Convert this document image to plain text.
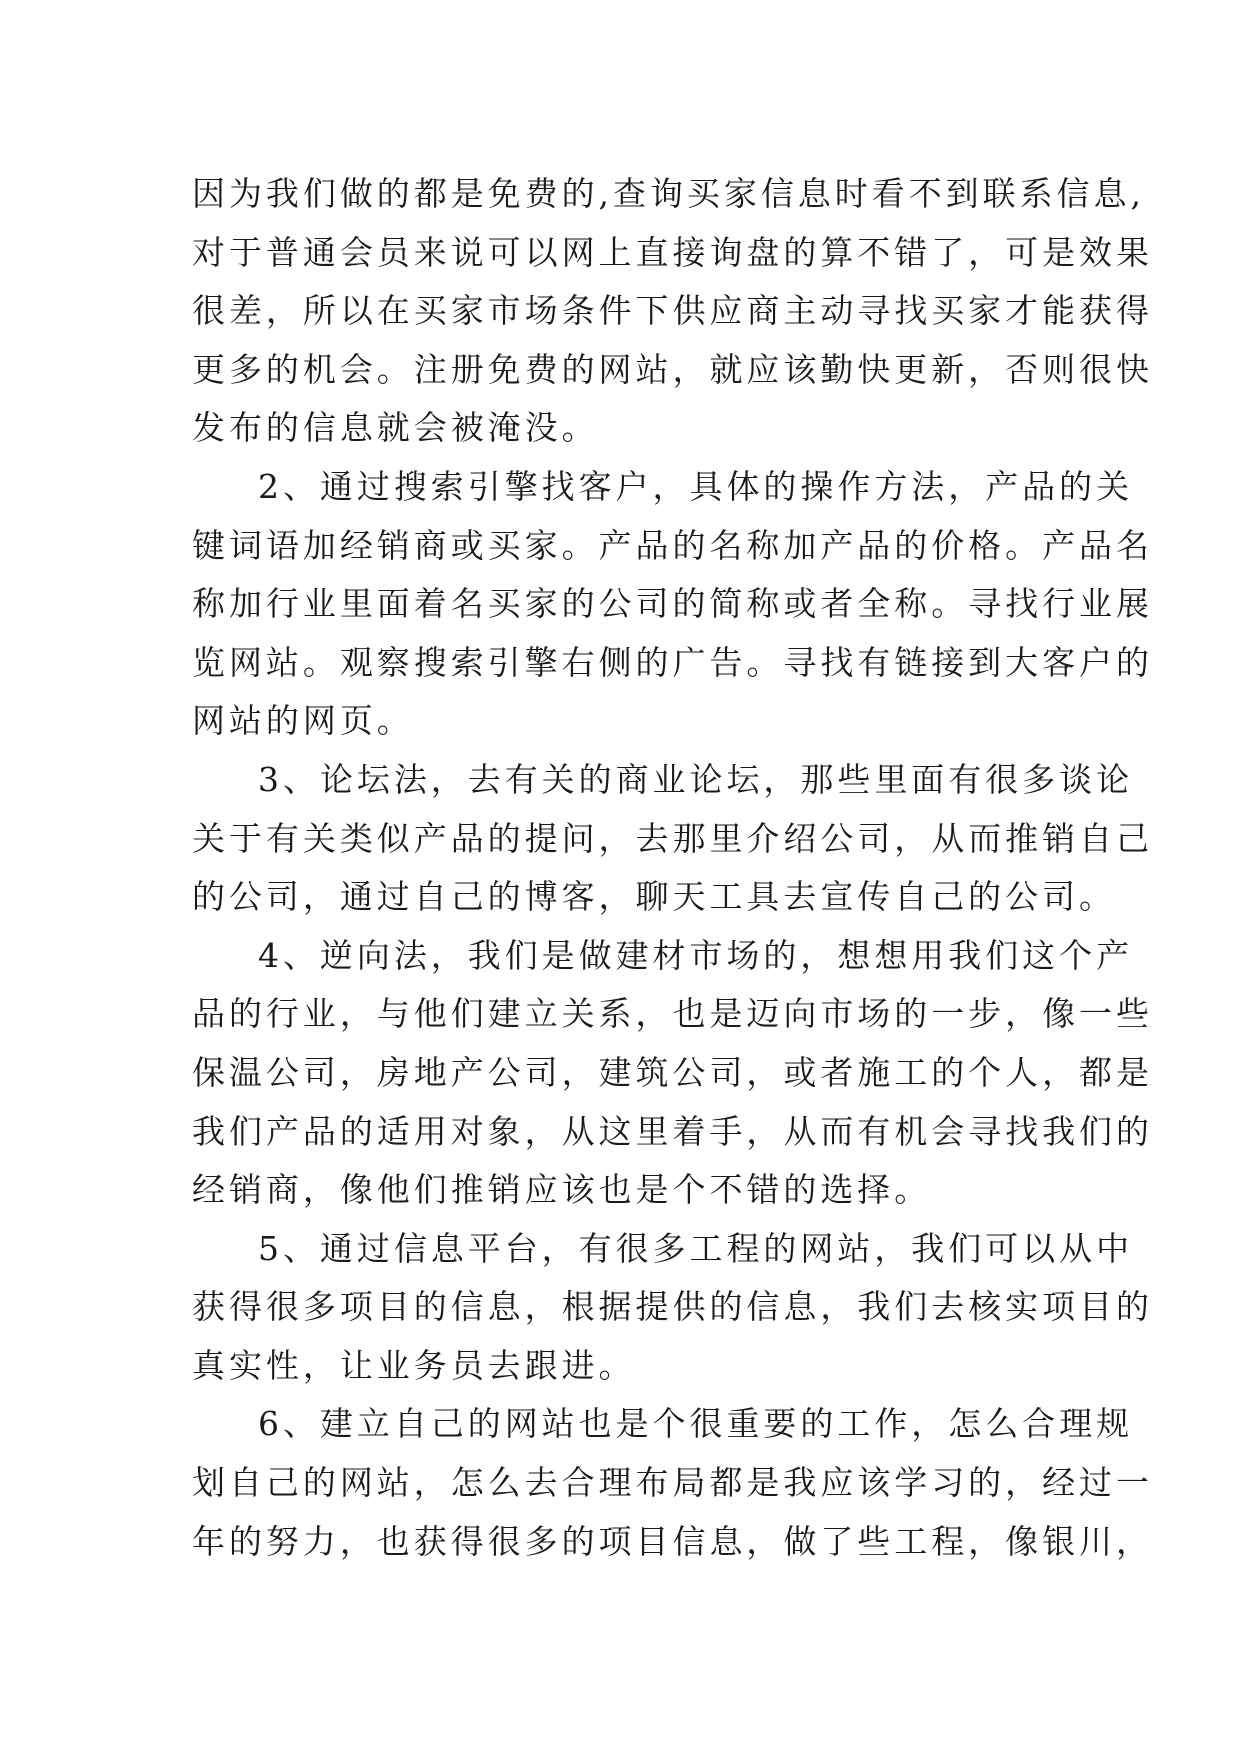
因为我们做的都是免费的,查询买家信息时看不到联系信息,
对于普通会员来说可以网上直接询盘的算不错了，可是效果
很差，所以在买家市场条件下供应商主动寻找买家才能获得
更多的机会。注册免费的网站，就应该勤快更新，否则很快
发布的信息就会被淹没。
2、通过搜索引擎找客户，具体的操作方法，产品的关
键词语加经销商或买家。产品的名称加产品的价格。产品名
称加行业里面着名买家的公司的简称或者全称。寻找行业展
览网站。观察搜索引擎右侧的广告。寻找有链接到大客户的
网站的网页。
3、论坛法，去有关的商业论坛，那些里面有很多谈论
关于有关类似产品的提问，去那里介绍公司，从而推销自己
的公司，通过自己的博客，聊天工具去宣传自己的公司。
4、逆向法，我们是做建材市场的，想想用我们这个产
品的行业，与他们建立关系，也是迈向市场的一步，像一些
保温公司，房地产公司，建筑公司，或者施工的个人，都是
我们产品的适用对象，从这里着手，从而有机会寻找我们的
经销商，像他们推销应该也是个不错的选择。
5、通过信息平台，有很多工程的网站，我们可以从中
获得很多项目的信息，根据提供的信息，我们去核实项目的
真实性，让业务员去跟进。
6、建立自己的网站也是个很重要的工作，怎么合理规
划自己的网站，怎么去合理布局都是我应该学习的，经过一
年的努力，也获得很多的项目信息，做了些工程，像银川，
